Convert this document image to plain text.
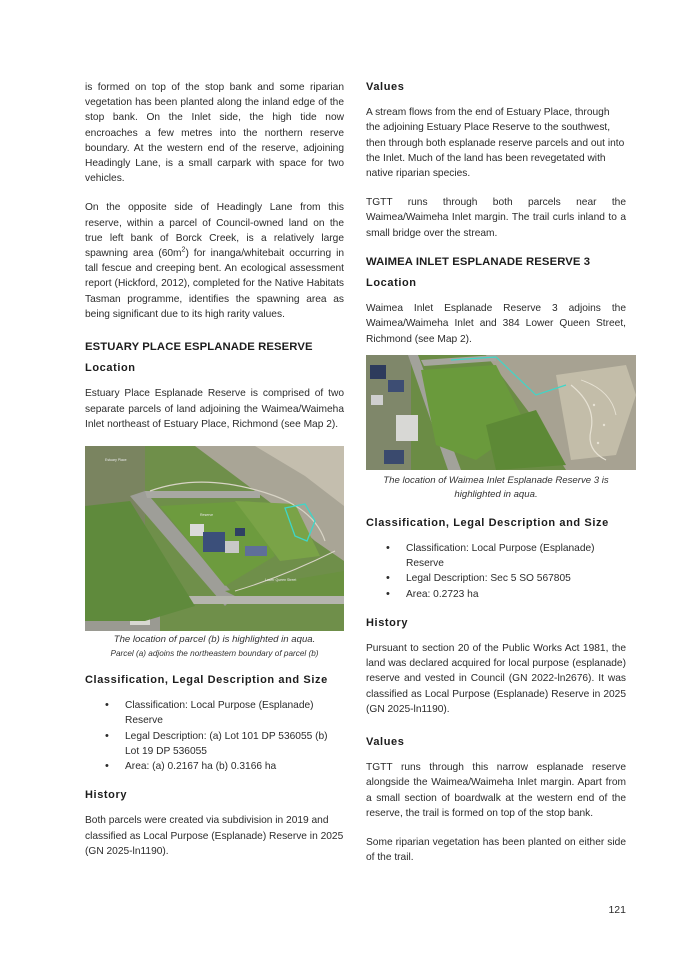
is formed on top of the stop bank and some riparian vegetation has been planted along the inland edge of the stop bank. On the Inlet side, the high tide now encroaches a few metres into the northern reserve boundary. At the western end of the reserve, adjoining Headingly Lane, is a small carpark with space for two vehicles.

On the opposite side of Headingly Lane from this reserve, within a parcel of Council-owned land on the true left bank of Borck Creek, is a relatively large spawning area $(60m^2)$ for inanga/whitebait occurring in tall fescue and creeping bent. An ecological assessment report (Hickford, 2012), completed for the Native Habitats Tasman programme, identifies the spawning area as being significant due to its high rarity values.

ESTUARY PLACE ESPLANADE RESERVE
Location

Estuary Place Esplanade Reserve is comprised of two separate parcels of land adjoining the Waimea/Waimeha Inlet northeast of Estuary Place, Richmond (see Map 2).

Estuary Place
Reserve
Lower Queen Street
The location of parcel (b) is highlighted in aqua.
Parcel (a) adjoins the northeastern boundary of parcel (b)
Classification, Legal Description and Size
• Classification: Local Purpose (Esplanade) Reserve
• Legal Description: (a) Lot 101 DP 536055 (b) Lot 19 DP 536055
• Area: (a) 0.2167 ha (b) 0.3166 ha
History

Both parcels were created via subdivision in 2019 and classified as Local Purpose (Esplanade) Reserve in 2025 (GN 2025-ln1190).

Values

A stream flows from the end of Estuary Place, through the adjoining Estuary Place Reserve to the southwest, then through both esplanade reserve parcels and out into the Inlet. Much of the land has been revegetated with native riparian species.

TGTT runs through both parcels near the Waimea/Waimeha Inlet margin. The trail curls inland to a small bridge over the stream.

WAIMEA INLET ESPLANADE RESERVE 3
Location

Waimea Inlet Esplanade Reserve 3 adjoins the Waimea/Waimeha Inlet and 384 Lower Queen Street, Richmond (see Map 2).

The location of Waimea Inlet Esplanade Reserve 3 is highlighted in aqua.
Classification, Legal Description and Size
• Classification: Local Purpose (Esplanade) Reserve
• Legal Description: Sec 5 SO 567805
• Area: 0.2723 ha
History

Pursuant to section 20 of the Public Works Act 1981, the land was declared acquired for local purpose (esplanade) reserve and vested in Council (GN 2022-ln2676). It was classified as Local Purpose (Esplanade) Reserve in 2025 (GN 2025-ln1190).

Values

TGTT runs through this narrow esplanade reserve alongside the Waimea/Waimeha Inlet margin. Apart from a small section of boardwalk at the western end of the reserve, the trail is formed on top of the stop bank.

Some riparian vegetation has been planted on either side of the trail.

121
